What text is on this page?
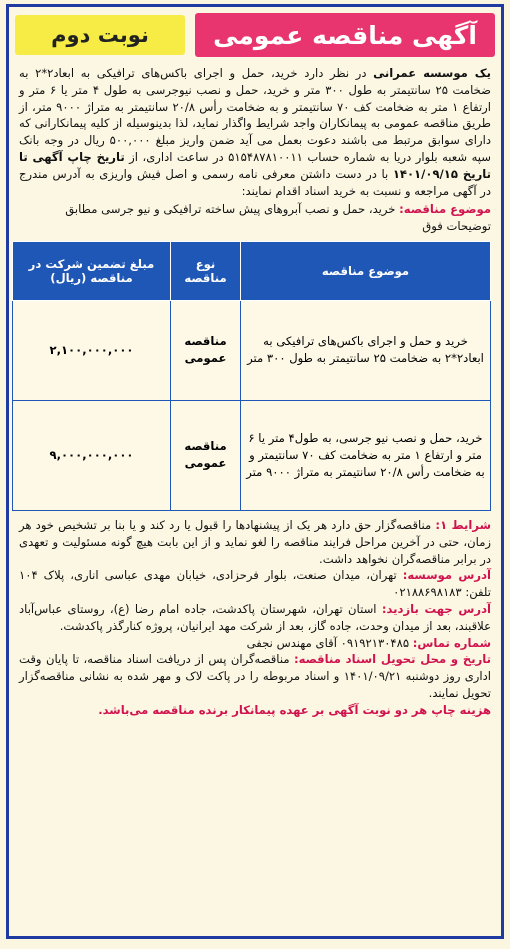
آگهی مناقصه عمومی
نوبت دوم
یک موسسه عمرانی در نظر دارد خرید، حمل و اجرای باکس‌های ترافیکی به ابعاد۲*۲ به ضخامت ۲۵ سانتیمتر به طول ۳۰۰ متر و خرید، حمل و نصب نیوجرسی به طول ۴ متر یا ۶ متر و ارتفاع ۱ متر به ضخامت کف ۷۰ سانتیمتر و به ضخامت رأس ۲۰/۸ سانتیمتر به متراژ ۹۰۰۰ متر، از طریق مناقصه عمومی به پیمانکاران واجد شرایط واگذار نماید، لذا بدینوسیله از کلیه پیمانکارانی که دارای سوابق مرتبط می باشند دعوت بعمل می آید ضمن واریز مبلغ ۵۰۰,۰۰۰ ریال در وجه بانک سپه شعبه بلوار دریا به شماره حساب ۵۱۵۴۸۷۸۱۰۰۱۱ در ساعت اداری، از تاریخ چاپ آگهی تا تاریخ ۱۴۰۱/۰۹/۱۵ با در دست داشتن معرفی نامه رسمی و اصل فیش واریزی به آدرس مندرج در آگهی مراجعه و نسبت به خرید اسناد اقدام نمایند:
موضوع مناقصه: خرید، حمل و نصب آبروهای پیش ساخته ترافیکی و نیو جرسی مطابق توضیحات فوق
موضوع مناقصه	نوع مناقصه	مبلغ تضمین شرکت در مناقصه (ریال)
خرید و حمل و اجرای باکس‌های ترافیکی به ابعاد۲*۲ به ضخامت ۲۵ سانتیمتر به طول ۳۰۰ متر	مناقصه عمومی	۲,۱۰۰,۰۰۰,۰۰۰
خرید، حمل و نصب نیو جرسی، به طول۴ متر یا ۶ متر و ارتفاع ۱ متر به ضخامت کف ۷۰ سانتیمتر و به ضخامت رأس ۲۰/۸ سانتیمتر به متراژ ۹۰۰۰ متر	مناقصه عمومی	۹,۰۰۰,۰۰۰,۰۰۰
شرایط ۱: مناقصه‌گزار حق دارد هر یک از پیشنهادها را قبول یا رد کند و یا بنا بر تشخیص خود هر زمان، حتی در آخرین مراحل فرایند مناقصه را لغو نماید و از این بابت هیچ گونه مسئولیت و تعهدی در برابر مناقصه‌گران نخواهد داشت.
آدرس موسسه: تهران، میدان صنعت، بلوار فرحزادی، خیابان مهدی عباسی اناری، پلاک ۱۰۴ تلفن: ۰۲۱۸۸۶۹۸۱۸۳
آدرس جهت بازدید: استان تهران، شهرستان پاکدشت، جاده امام رضا (ع)، روستای عباس‌آباد علاقبند، بعد از میدان وحدت، جاده گاز، بعد از شرکت مهد ایرانیان، پروژه کنارگذر پاکدشت.
شماره تماس: ۰۹۱۹۲۱۳۰۴۸۵ آقای مهندس نجفی
تاریخ و محل تحویل اسناد مناقصه: مناقصه‌گران پس از دریافت اسناد مناقصه، تا پایان وقت اداری روز دوشنبه ۱۴۰۱/۰۹/۲۱ و اسناد مربوطه را در پاکت لاک و مهر شده به نشانی مناقصه‌گزار تحویل نمایند.
هزینه چاپ هر دو نوبت آگهی بر عهده پیمانکار برنده مناقصه می‌باشد.
